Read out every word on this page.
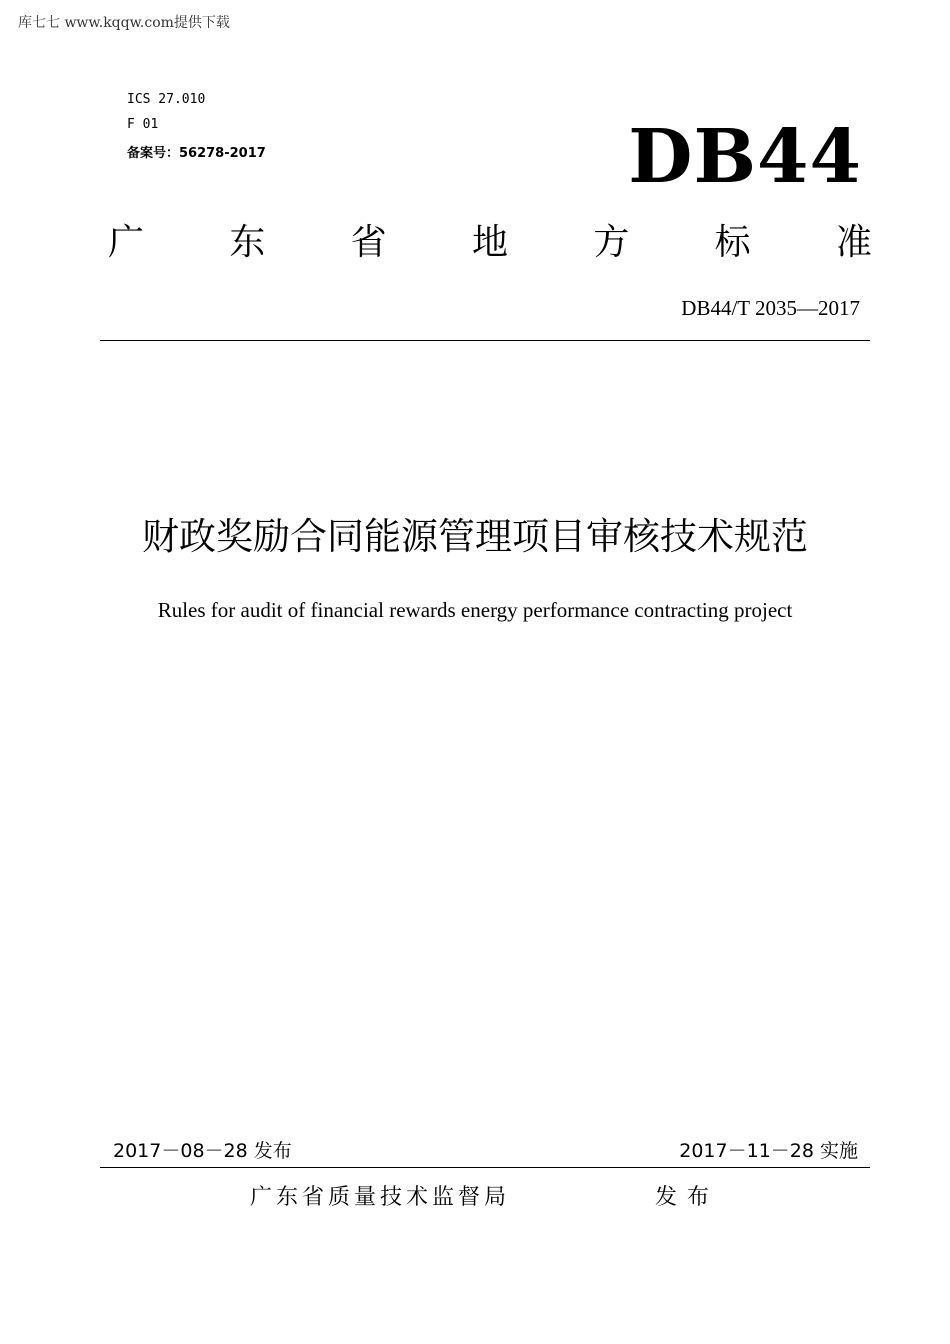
库七七 www.kqqw.com提供下载
ICS 27.010
F 01
备案号：56278-2017	DB44
广 东 省 地 方 标 准
DB44/T 2035—2017
财政奖励合同能源管理项目审核技术规范
Rules for audit of financial rewards energy performance contracting project
2017－08－28 发布	2017－11－28 实施
广东省质量技术监督局	发布
